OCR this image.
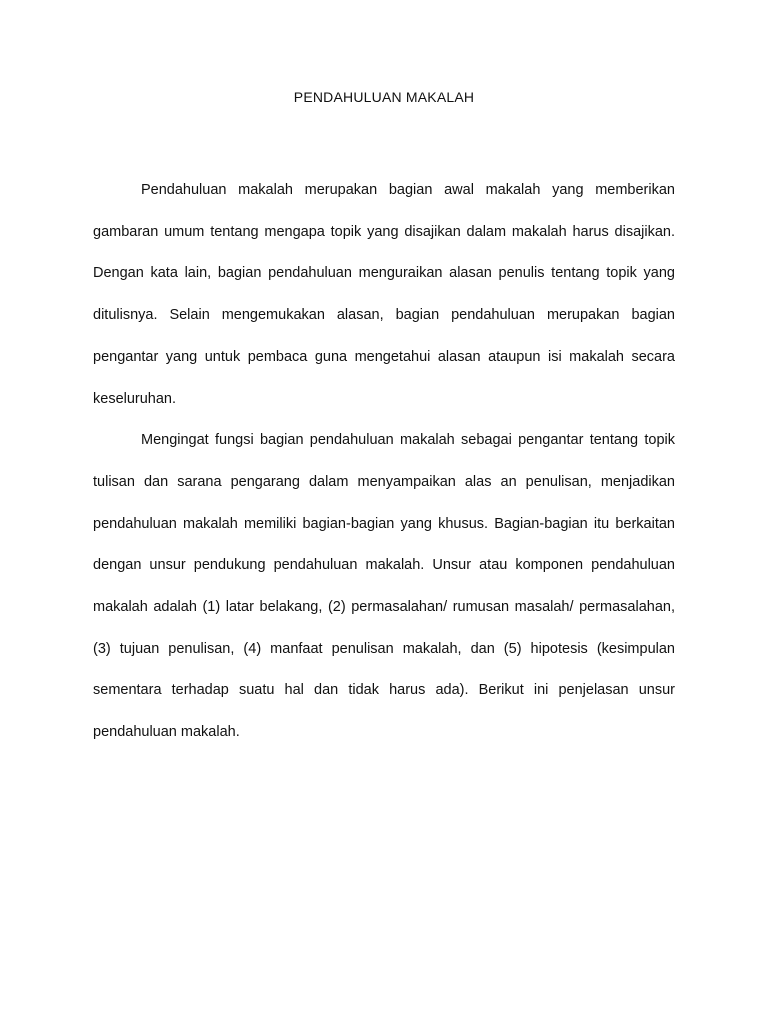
PENDAHULUAN MAKALAH

Pendahuluan makalah merupakan bagian awal makalah yang memberikan gambaran umum tentang mengapa topik yang disajikan dalam makalah harus disajikan. Dengan kata lain, bagian pendahuluan menguraikan alasan penulis tentang topik yang ditulisnya. Selain mengemukakan alasan, bagian pendahuluan merupakan bagian pengantar yang untuk pembaca guna mengetahui alasan ataupun isi makalah secara keseluruhan.

Mengingat fungsi bagian pendahuluan makalah sebagai pengantar tentang topik tulisan dan sarana pengarang dalam menyampaikan alas an penulisan, menjadikan pendahuluan makalah memiliki bagian-bagian yang khusus. Bagian-bagian itu berkaitan dengan unsur pendukung pendahuluan makalah. Unsur atau komponen pendahuluan makalah adalah (1) latar belakang, (2) permasalahan/ rumusan masalah/ permasalahan, (3) tujuan penulisan, (4) manfaat penulisan makalah, dan (5) hipotesis (kesimpulan sementara terhadap suatu hal dan tidak harus ada). Berikut ini penjelasan unsur pendahuluan makalah.
